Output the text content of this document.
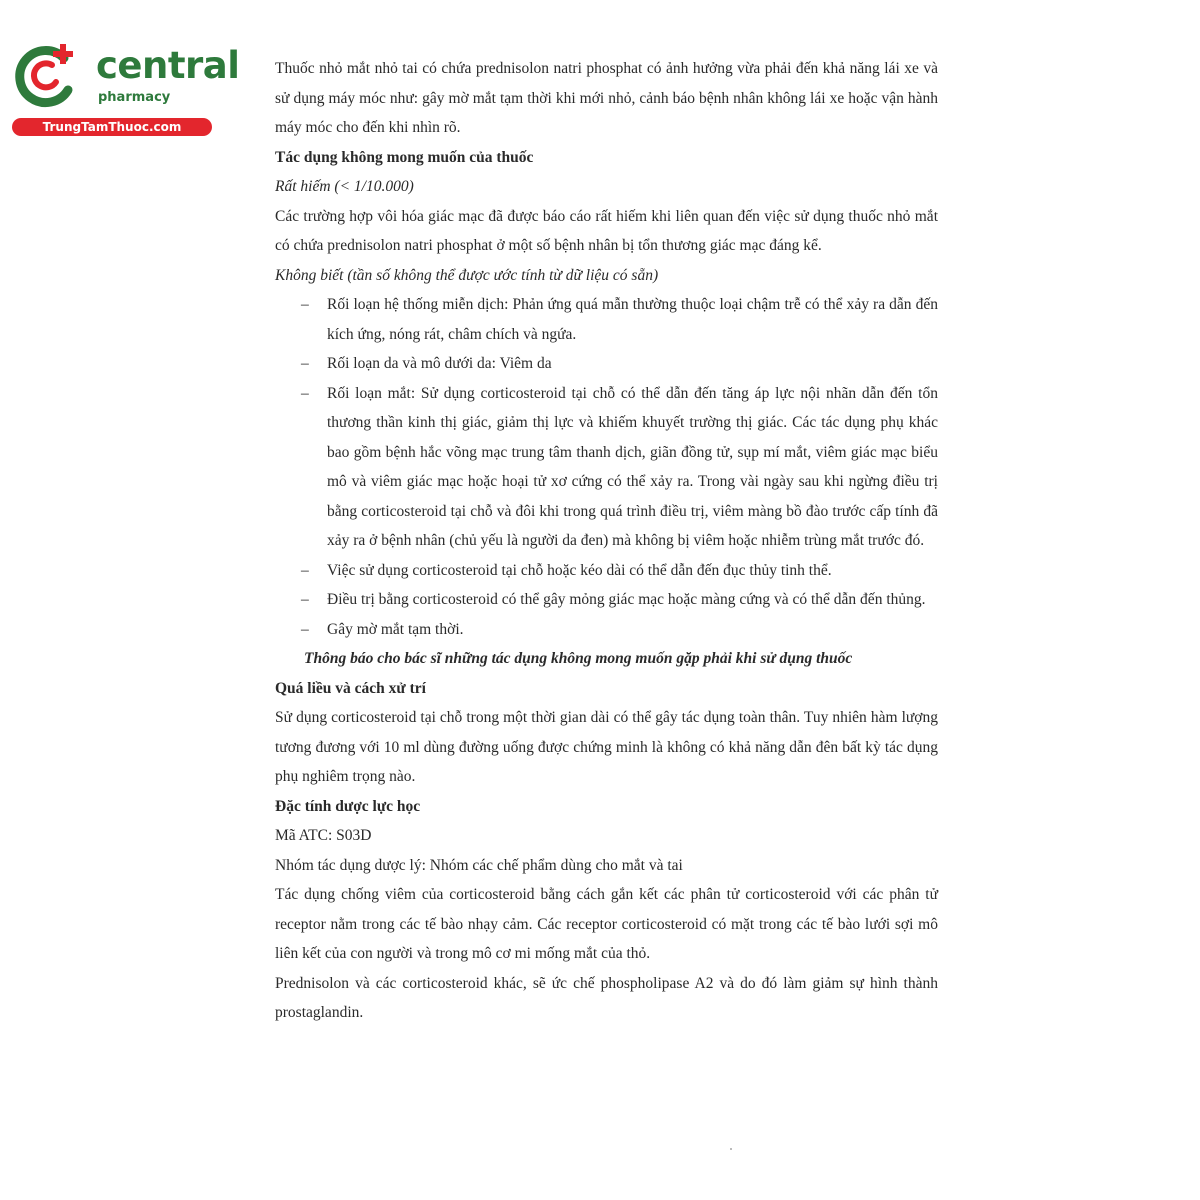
central
pharmacy
TrungTamThuoc.com

Thuốc nhỏ mắt nhỏ tai có chứa prednisolon natri phosphat có ảnh hưởng vừa phải đến khả năng lái xe và sử dụng máy móc như: gây mờ mắt tạm thời khi mới nhỏ, cảnh báo bệnh nhân không lái xe hoặc vận hành máy móc cho đến khi nhìn rõ.

Tác dụng không mong muốn của thuốc

Rất hiếm (< 1/10.000)

Các trường hợp vôi hóa giác mạc đã được báo cáo rất hiếm khi liên quan đến việc sử dụng thuốc nhỏ mắt có chứa prednisolon natri phosphat ở một số bệnh nhân bị tổn thương giác mạc đáng kể.

Không biết (tần số không thể được ước tính từ dữ liệu có sẵn)

– Rối loạn hệ thống miễn dịch: Phản ứng quá mẫn thường thuộc loại chậm trễ có thể xảy ra dẫn đến kích ứng, nóng rát, châm chích và ngứa.
– Rối loạn da và mô dưới da: Viêm da
– Rối loạn mắt: Sử dụng corticosteroid tại chỗ có thể dẫn đến tăng áp lực nội nhãn dẫn đến tổn thương thần kinh thị giác, giảm thị lực và khiếm khuyết trường thị giác. Các tác dụng phụ khác bao gồm bệnh hắc võng mạc trung tâm thanh dịch, giãn đồng tử, sụp mí mắt, viêm giác mạc biểu mô và viêm giác mạc hoặc hoại tử xơ cứng có thể xảy ra. Trong vài ngày sau khi ngừng điều trị bằng corticosteroid tại chỗ và đôi khi trong quá trình điều trị, viêm màng bồ đào trước cấp tính đã xảy ra ở bệnh nhân (chủ yếu là người da đen) mà không bị viêm hoặc nhiễm trùng mắt trước đó.
– Việc sử dụng corticosteroid tại chỗ hoặc kéo dài có thể dẫn đến đục thủy tinh thể.
– Điều trị bằng corticosteroid có thể gây mỏng giác mạc hoặc màng cứng và có thể dẫn đến thủng.
– Gây mờ mắt tạm thời.

Thông báo cho bác sĩ những tác dụng không mong muốn gặp phải khi sử dụng thuốc

Quá liều và cách xử trí

Sử dụng corticosteroid tại chỗ trong một thời gian dài có thể gây tác dụng toàn thân. Tuy nhiên hàm lượng tương đương với 10 ml dùng đường uống được chứng minh là không có khả năng dẫn đên bất kỳ tác dụng phụ nghiêm trọng nào.

Đặc tính dược lực học

Mã ATC: S03D

Nhóm tác dụng dược lý: Nhóm các chế phẩm dùng cho mắt và tai

Tác dụng chống viêm của corticosteroid bằng cách gắn kết các phân tử corticosteroid với các phân tử receptor nằm trong các tế bào nhạy cảm. Các receptor corticosteroid có mặt trong các tế bào lưới sợi mô liên kết của con người và trong mô cơ mi mống mắt của thỏ.

Prednisolon và các corticosteroid khác, sẽ ức chế phospholipase A2 và do đó làm giảm sự hình thành prostaglandin.
